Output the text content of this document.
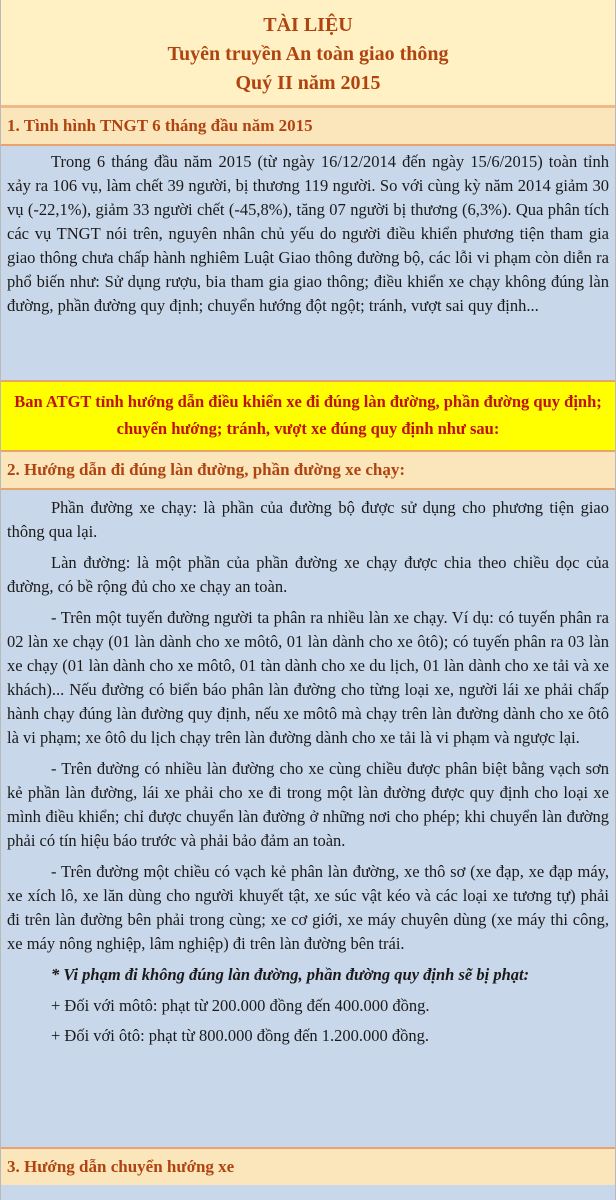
TÀI LIỆU
Tuyên truyền An toàn giao thông
Quý II năm 2015
1. Tình hình TNGT 6 tháng đầu năm 2015

Trong 6 tháng đầu năm 2015 (từ ngày 16/12/2014 đến ngày 15/6/2015) toàn tỉnh xảy ra 106 vụ, làm chết 39 người, bị thương 119 người. So với cùng kỳ năm 2014 giảm 30 vụ (-22,1%), giảm 33 người chết (-45,8%), tăng 07 người bị thương (6,3%). Qua phân tích các vụ TNGT nói trên, nguyên nhân chủ yếu do người điều khiển phương tiện tham gia giao thông chưa chấp hành nghiêm Luật Giao thông đường bộ, các lỗi vi phạm còn diễn ra phổ biến như: Sử dụng rượu, bia tham gia giao thông; điều khiển xe chạy không đúng làn đường, phần đường quy định; chuyển hướng đột ngột; tránh, vượt sai quy định...

Ban ATGT tỉnh hướng dẫn điều khiển xe đi đúng làn đường, phần đường quy định; chuyển hướng; tránh, vượt xe đúng quy định như sau:
2. Hướng dẫn đi đúng làn đường, phần đường xe chạy:

Phần đường xe chạy: là phần của đường bộ được sử dụng cho phương tiện giao thông qua lại.

Làn đường: là một phần của phần đường xe chạy được chia theo chiều dọc của đường, có bề rộng đủ cho xe chạy an toàn.

- Trên một tuyến đường người ta phân ra nhiều làn xe chạy. Ví dụ: có tuyến phân ra 02 làn xe chạy (01 làn dành cho xe môtô, 01 làn dành cho xe ôtô); có tuyến phân ra 03 làn xe chạy (01 làn dành cho xe môtô, 01 tàn dành cho xe du lịch, 01 làn dành cho xe tải và xe khách)... Nếu đường có biển báo phân làn đường cho từng loại xe, người lái xe phải chấp hành chạy đúng làn đường quy định, nếu xe môtô mà chạy trên làn đường dành cho xe ôtô là vi phạm; xe ôtô du lịch chạy trên làn đường dành cho xe tải là vi phạm và ngược lại.

- Trên đường có nhiều làn đường cho xe cùng chiều được phân biệt bằng vạch sơn kẻ phần làn đường, lái xe phải cho xe đi trong một làn đường được quy định cho loại xe mình điều khiển; chỉ được chuyển làn đường ở những nơi cho phép; khi chuyển làn đường phải có tín hiệu báo trước và phải bảo đảm an toàn.

- Trên đường một chiều có vạch kẻ phân làn đường, xe thô sơ (xe đạp, xe đạp máy, xe xích lô, xe lăn dùng cho người khuyết tật, xe súc vật kéo và các loại xe tương tự) phải đi trên làn đường bên phải trong cùng; xe cơ giới, xe máy chuyên dùng (xe máy thi công, xe máy nông nghiệp, lâm nghiệp) đi trên làn đường bên trái.

* Vi phạm đi không đúng làn đường, phần đường quy định sẽ bị phạt:

+ Đối với môtô: phạt từ 200.000 đồng đến 400.000 đồng.

+ Đối với ôtô: phạt từ 800.000 đồng đến 1.200.000 đồng.

3. Hướng dẫn chuyển hướng xe
